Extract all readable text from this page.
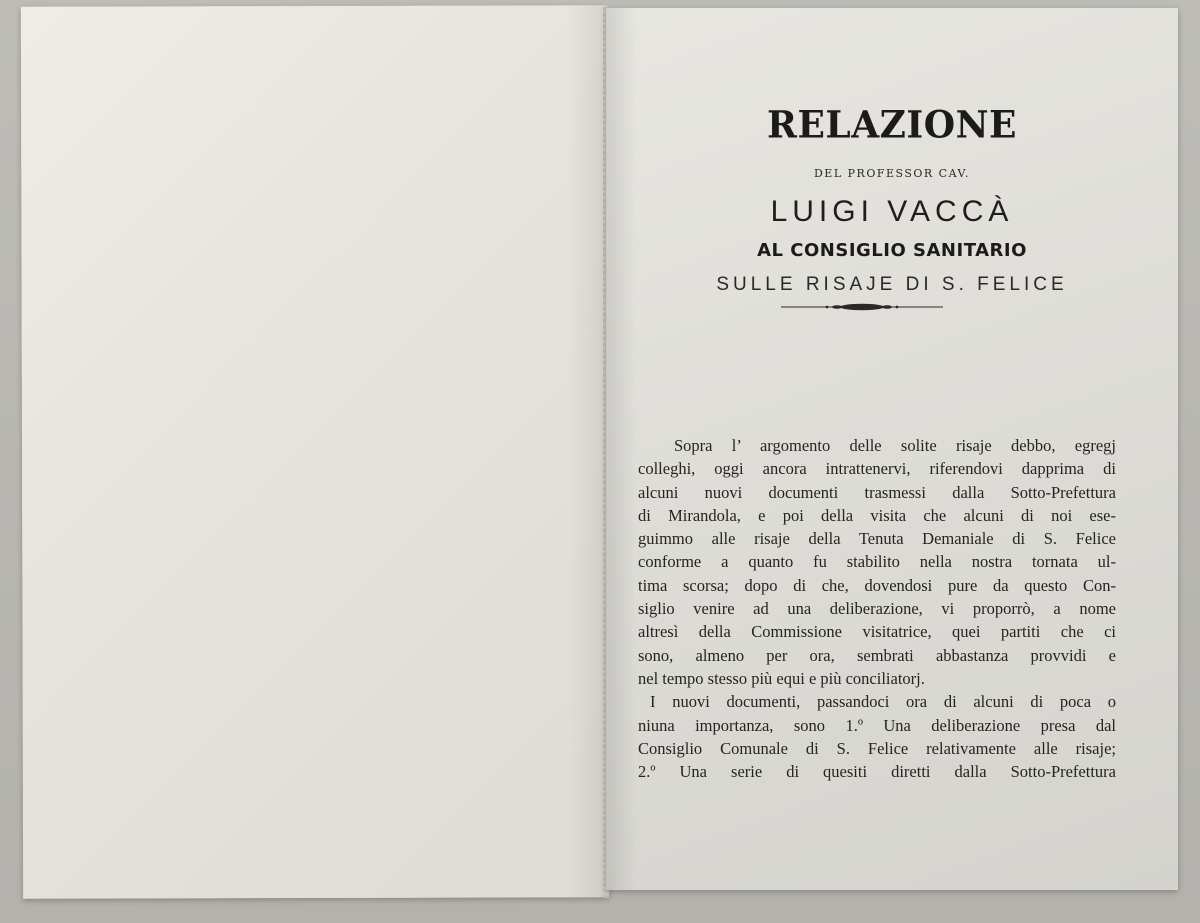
RELAZIONE
DEL PROFESSOR CAV.
LUIGI VACCÀ
AL CONSIGLIO SANITARIO
SULLE RISAJE DI S. FELICE
Sopra l’ argomento delle solite risaje debbo, egregj
colleghi, oggi ancora intrattenervi, riferendovi dapprima di
alcuni nuovi documenti trasmessi dalla Sotto-Prefettura
di Mirandola, e poi della visita che alcuni di noi ese-
guimmo alle risaje della Tenuta Demaniale di S. Felice
conforme a quanto fu stabilito nella nostra tornata ul-
tima scorsa; dopo di che, dovendosi pure da questo Con-
siglio venire ad una deliberazione, vi proporrò, a nome
altresì della Commissione visitatrice, quei partiti che ci
sono, almeno per ora, sembrati abbastanza provvidi e
nel tempo stesso più equi e più conciliatorj.
I nuovi documenti, passandoci ora di alcuni di poca o
niuna importanza, sono 1.º Una deliberazione presa dal
Consiglio Comunale di S. Felice relativamente alle risaje;
2.º Una serie di quesiti diretti dalla Sotto-Prefettura
